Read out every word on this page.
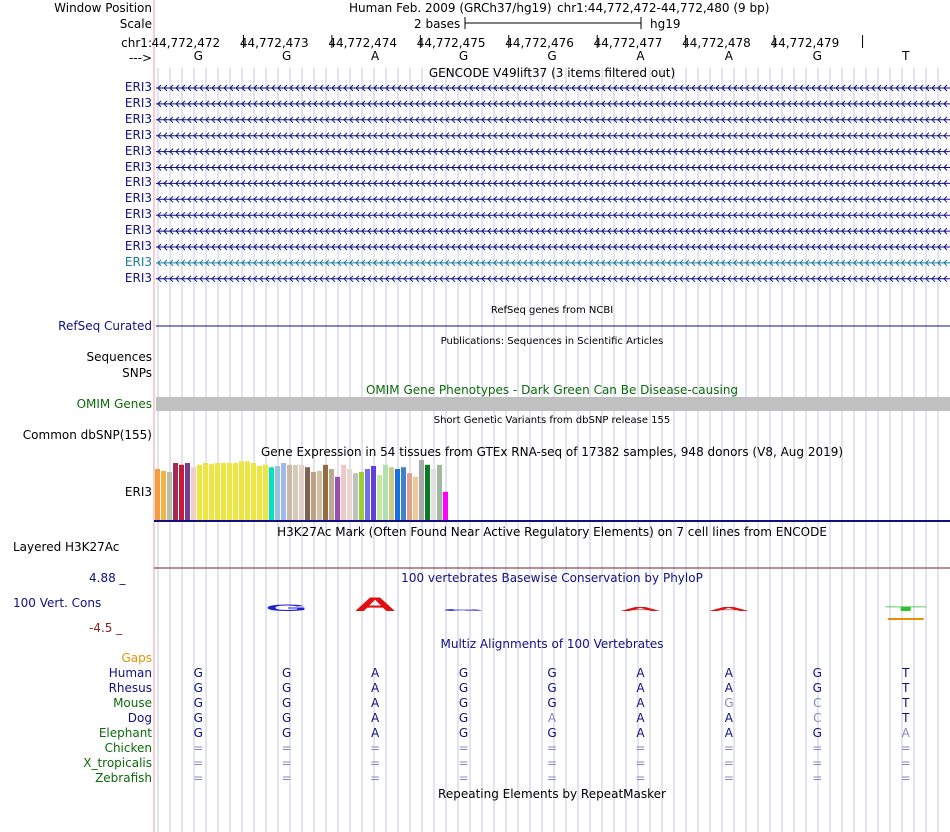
G A G	A A	T
Window Position	Human Feb. 2009 (GRCh37/hg19) chr1:44,772,472-44,772,480 (9 bp)
Scale	2 bases	hg19
chr1: 44,772,472 44,772,473 44,772,474 44,772,475 44,772,476 44,772,477 44,772,478 44,772,479
--->	G	G	A	G	G	A	A	G	T
GENCODE V49lift37 (3 items filtered out)
ERI3
ERI3
ERI3
ERI3
ERI3
ERI3
ERI3
ERI3
ERI3
ERI3
ERI3
ERI3
ERI3
RefSeq genes from NCBI
RefSeq Curated
Publications: Sequences in Scientific Articles
Sequences
SNPs
OMIM Gene Phenotypes - Dark Green Can Be Disease-causing
OMIM Genes
Short Genetic Variants from dbSNP release 155
Common dbSNP(155)
Gene Expression in 54 tissues from GTEx RNA-seq of 17382 samples, 948 donors (V8, Aug 2019)
ERI3
H3K27Ac Mark (Often Found Near Active Regulatory Elements) on 7 cell lines from ENCODE
Layered H3K27Ac
100 vertebrates Basewise Conservation by PhyloP
4.88 _
100 Vert. Cons
-4.5 _
Multiz Alignments of 100 Vertebrates
Gaps
Human	G	G	A	G	G	A	A	G	T
Rhesus	G	G	A	G	G	A	A	G	T
Mouse	G	G	A	G	G	A	G	C	T
Dog	G	G	A	G	A	A	A	C	T
Elephant	G	G	A	G	G	A	A	G	A
Chicken	=	=	=	=	=	=	=	=	=
X_tropicalis	=	=	=	=	=	=	=	=	=
Zebrafish	=	=	=	=	=	=	=	=	=
Repeating Elements by RepeatMasker
